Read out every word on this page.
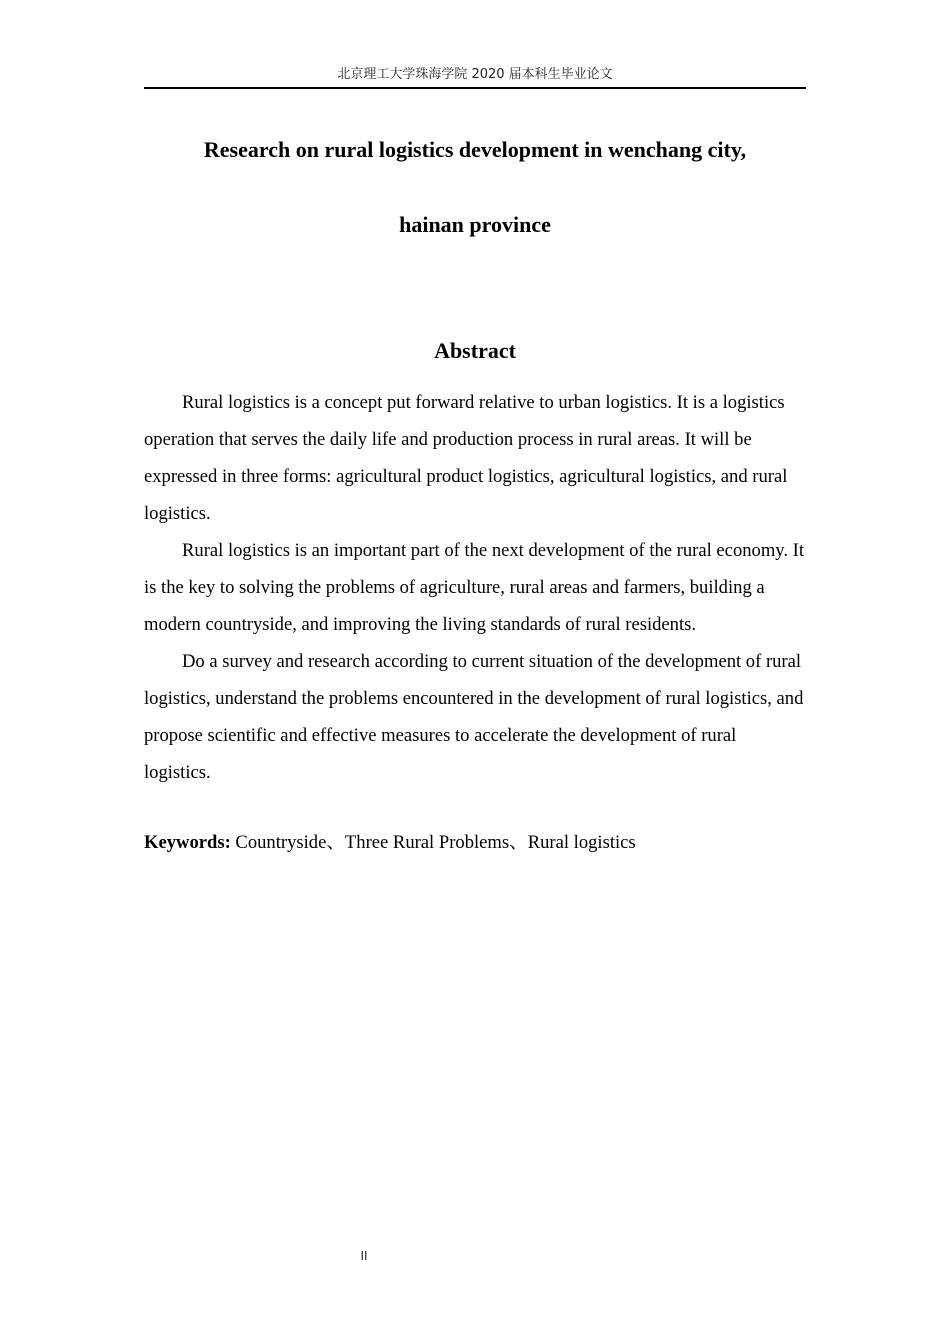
北京理工大学珠海学院 2020 届本科生毕业论文
Research on rural logistics development in wenchang city,
hainan province
Abstract

Rural logistics is a concept put forward relative to urban logistics. It is a logistics operation that serves the daily life and production process in rural areas. It will be expressed in three forms: agricultural product logistics, agricultural logistics, and rural logistics.

Rural logistics is an important part of the next development of the rural economy. It is the key to solving the problems of agriculture, rural areas and farmers, building a modern countryside, and improving the living standards of rural residents.

Do a survey and research according to current situation of the development of rural logistics, understand the problems encountered in the development of rural logistics, and propose scientific and effective measures to accelerate the development of rural logistics.

Keywords: Countryside、Three Rural Problems、Rural logistics
II
